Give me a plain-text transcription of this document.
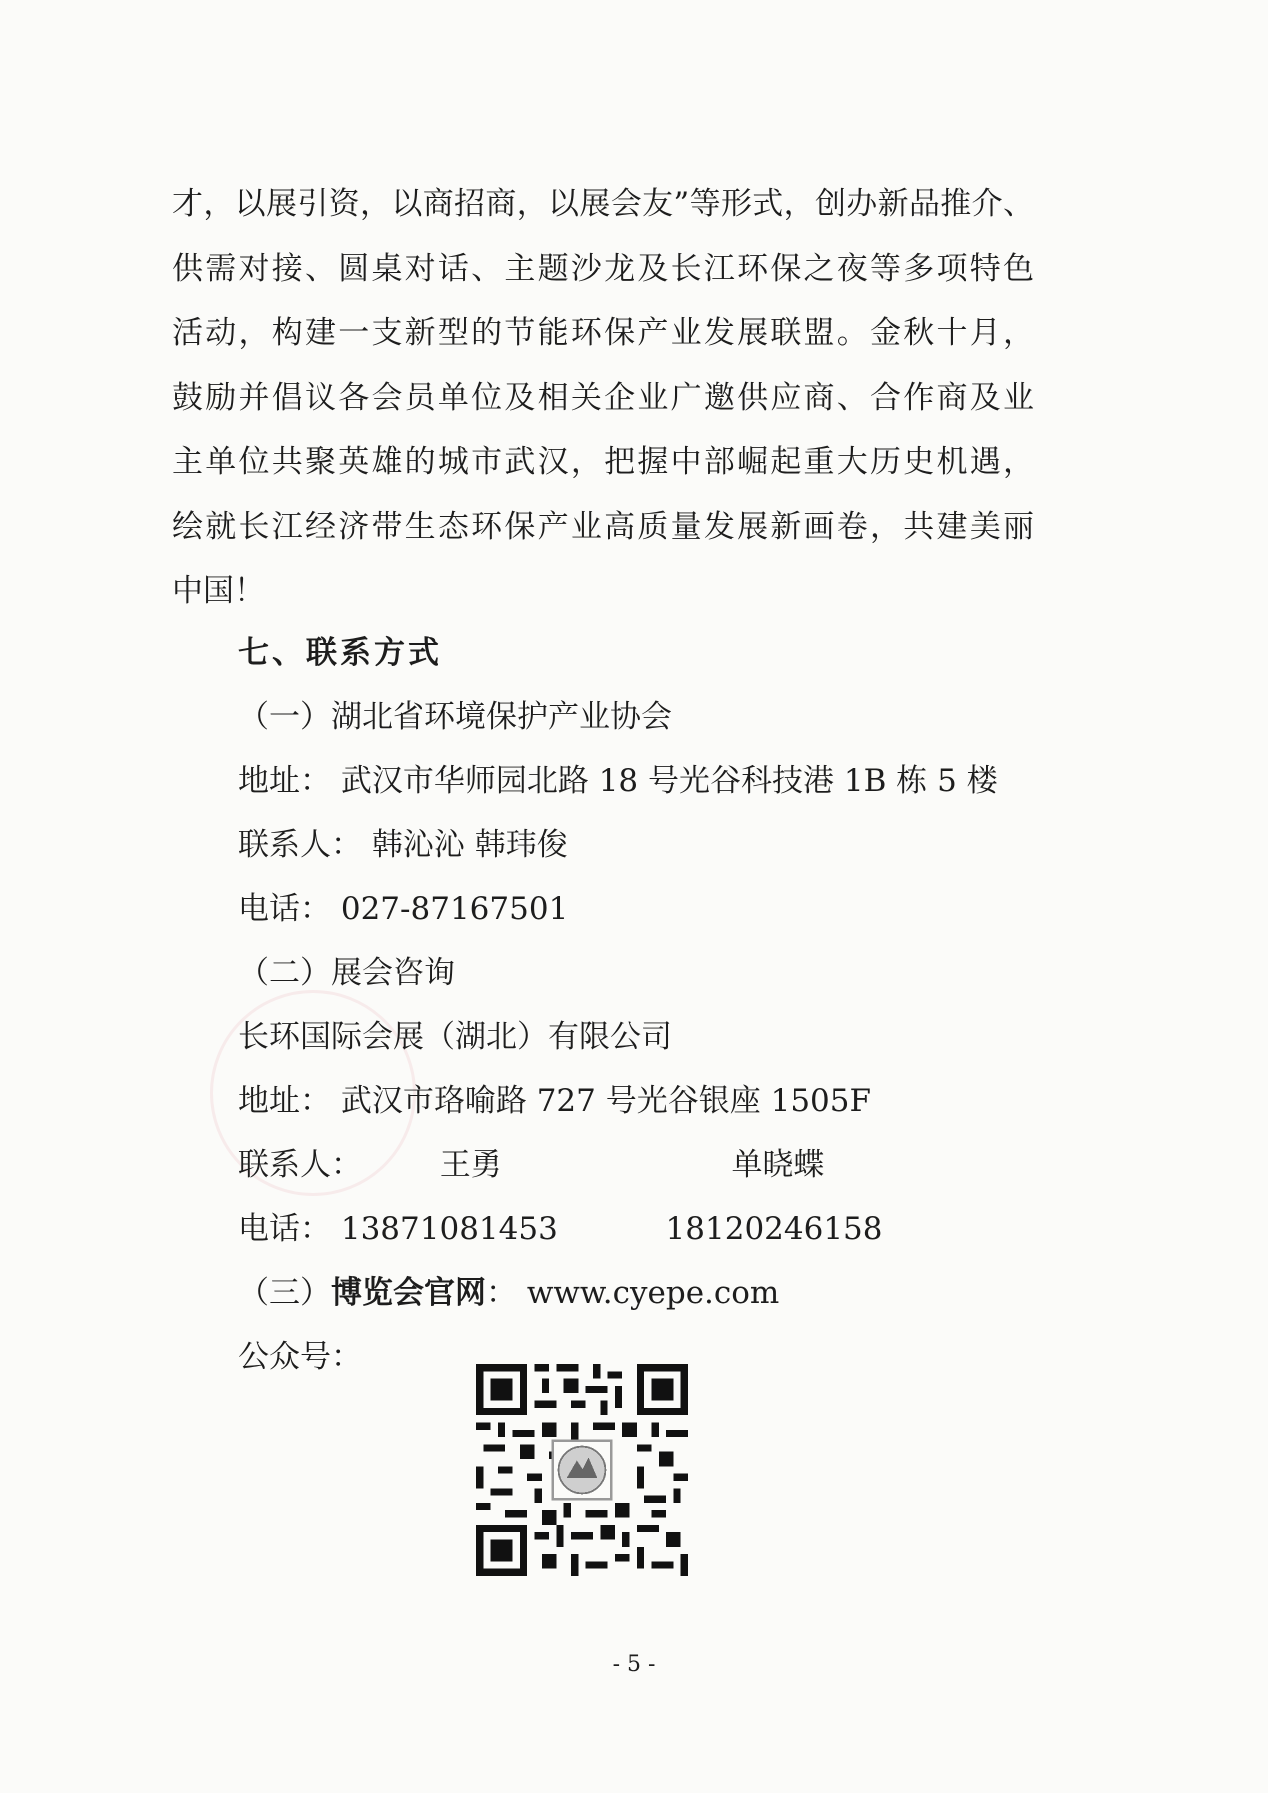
才，以展引资，以商招商，以展会友”等形式，创办新品推介、
供需对接、圆桌对话、主题沙龙及长江环保之夜等多项特色
活动，构建一支新型的节能环保产业发展联盟。金秋十月，
鼓励并倡议各会员单位及相关企业广邀供应商、合作商及业
主单位共聚英雄的城市武汉，把握中部崛起重大历史机遇，
绘就长江经济带生态环保产业高质量发展新画卷，共建美丽
中国！
七、联系方式
（一）湖北省环境保护产业协会
地址： 武汉市华师园北路 18 号光谷科技港 1B 栋 5 楼
联系人： 韩沁沁 韩玮俊
电话： 027-87167501
（二）展会咨询
长环国际会展（湖北）有限公司
地址： 武汉市珞喻路 727 号光谷银座 1505F
联系人：	王勇	单晓蝶
电话： 13871081453	18120246158
（三）博览会官网： www.cyepe.com
公众号：
- 5 -
